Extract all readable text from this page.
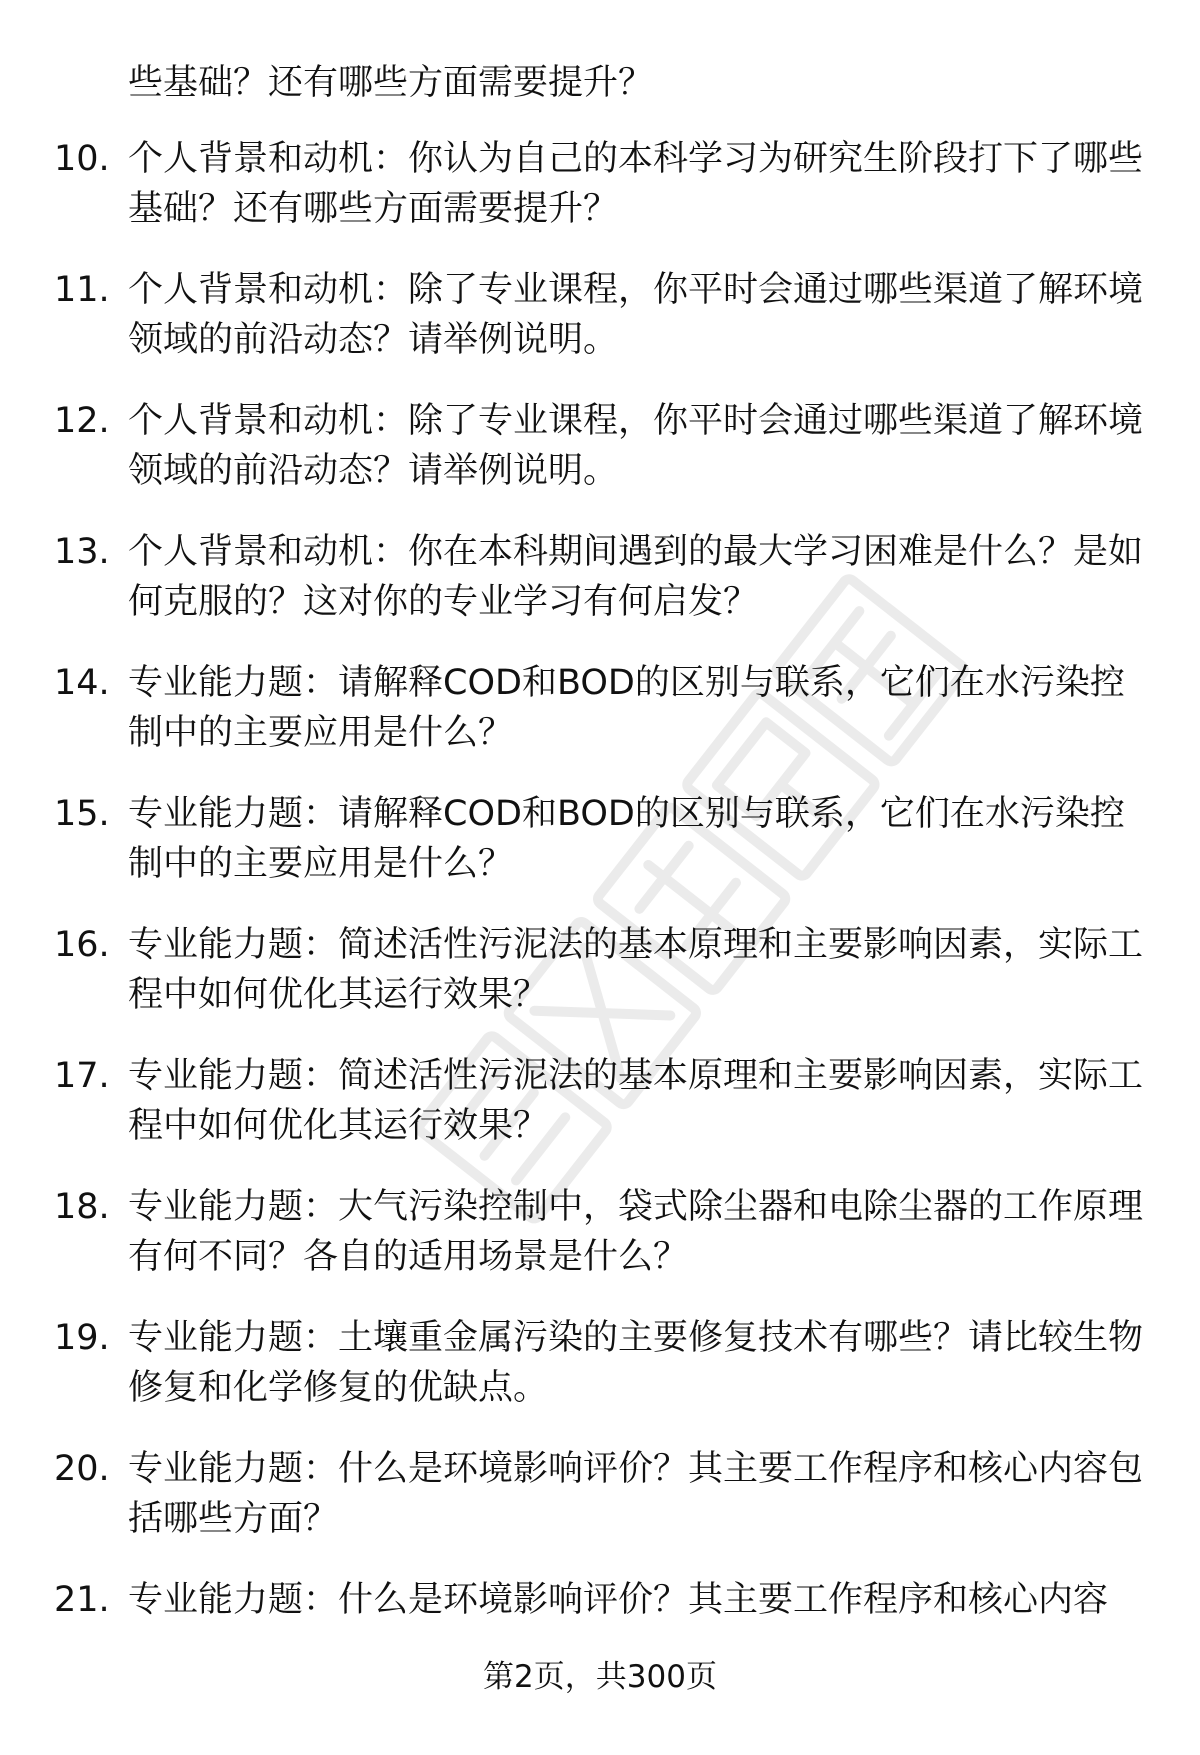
些基础？还有哪些方面需要提升？
10. 个人背景和动机：你认为自己的本科学习为研究生阶段打下了哪些基础？还有哪些方面需要提升？
11. 个人背景和动机：除了专业课程，你平时会通过哪些渠道了解环境领域的前沿动态？请举例说明。
12. 个人背景和动机：除了专业课程，你平时会通过哪些渠道了解环境领域的前沿动态？请举例说明。
13. 个人背景和动机：你在本科期间遇到的最大学习困难是什么？是如何克服的？这对你的专业学习有何启发？
14. 专业能力题：请解释COD和BOD的区别与联系，它们在水污染控制中的主要应用是什么？
15. 专业能力题：请解释COD和BOD的区别与联系，它们在水污染控制中的主要应用是什么？
16. 专业能力题：简述活性污泥法的基本原理和主要影响因素，实际工程中如何优化其运行效果？
17. 专业能力题：简述活性污泥法的基本原理和主要影响因素，实际工程中如何优化其运行效果？
18. 专业能力题：大气污染控制中，袋式除尘器和电除尘器的工作原理有何不同？各自的适用场景是什么？
19. 专业能力题：土壤重金属污染的主要修复技术有哪些？请比较生物修复和化学修复的优缺点。
20. 专业能力题：什么是环境影响评价？其主要工作程序和核心内容包括哪些方面？
21. 专业能力题：什么是环境影响评价？其主要工作程序和核心内容
第2页，共300页
